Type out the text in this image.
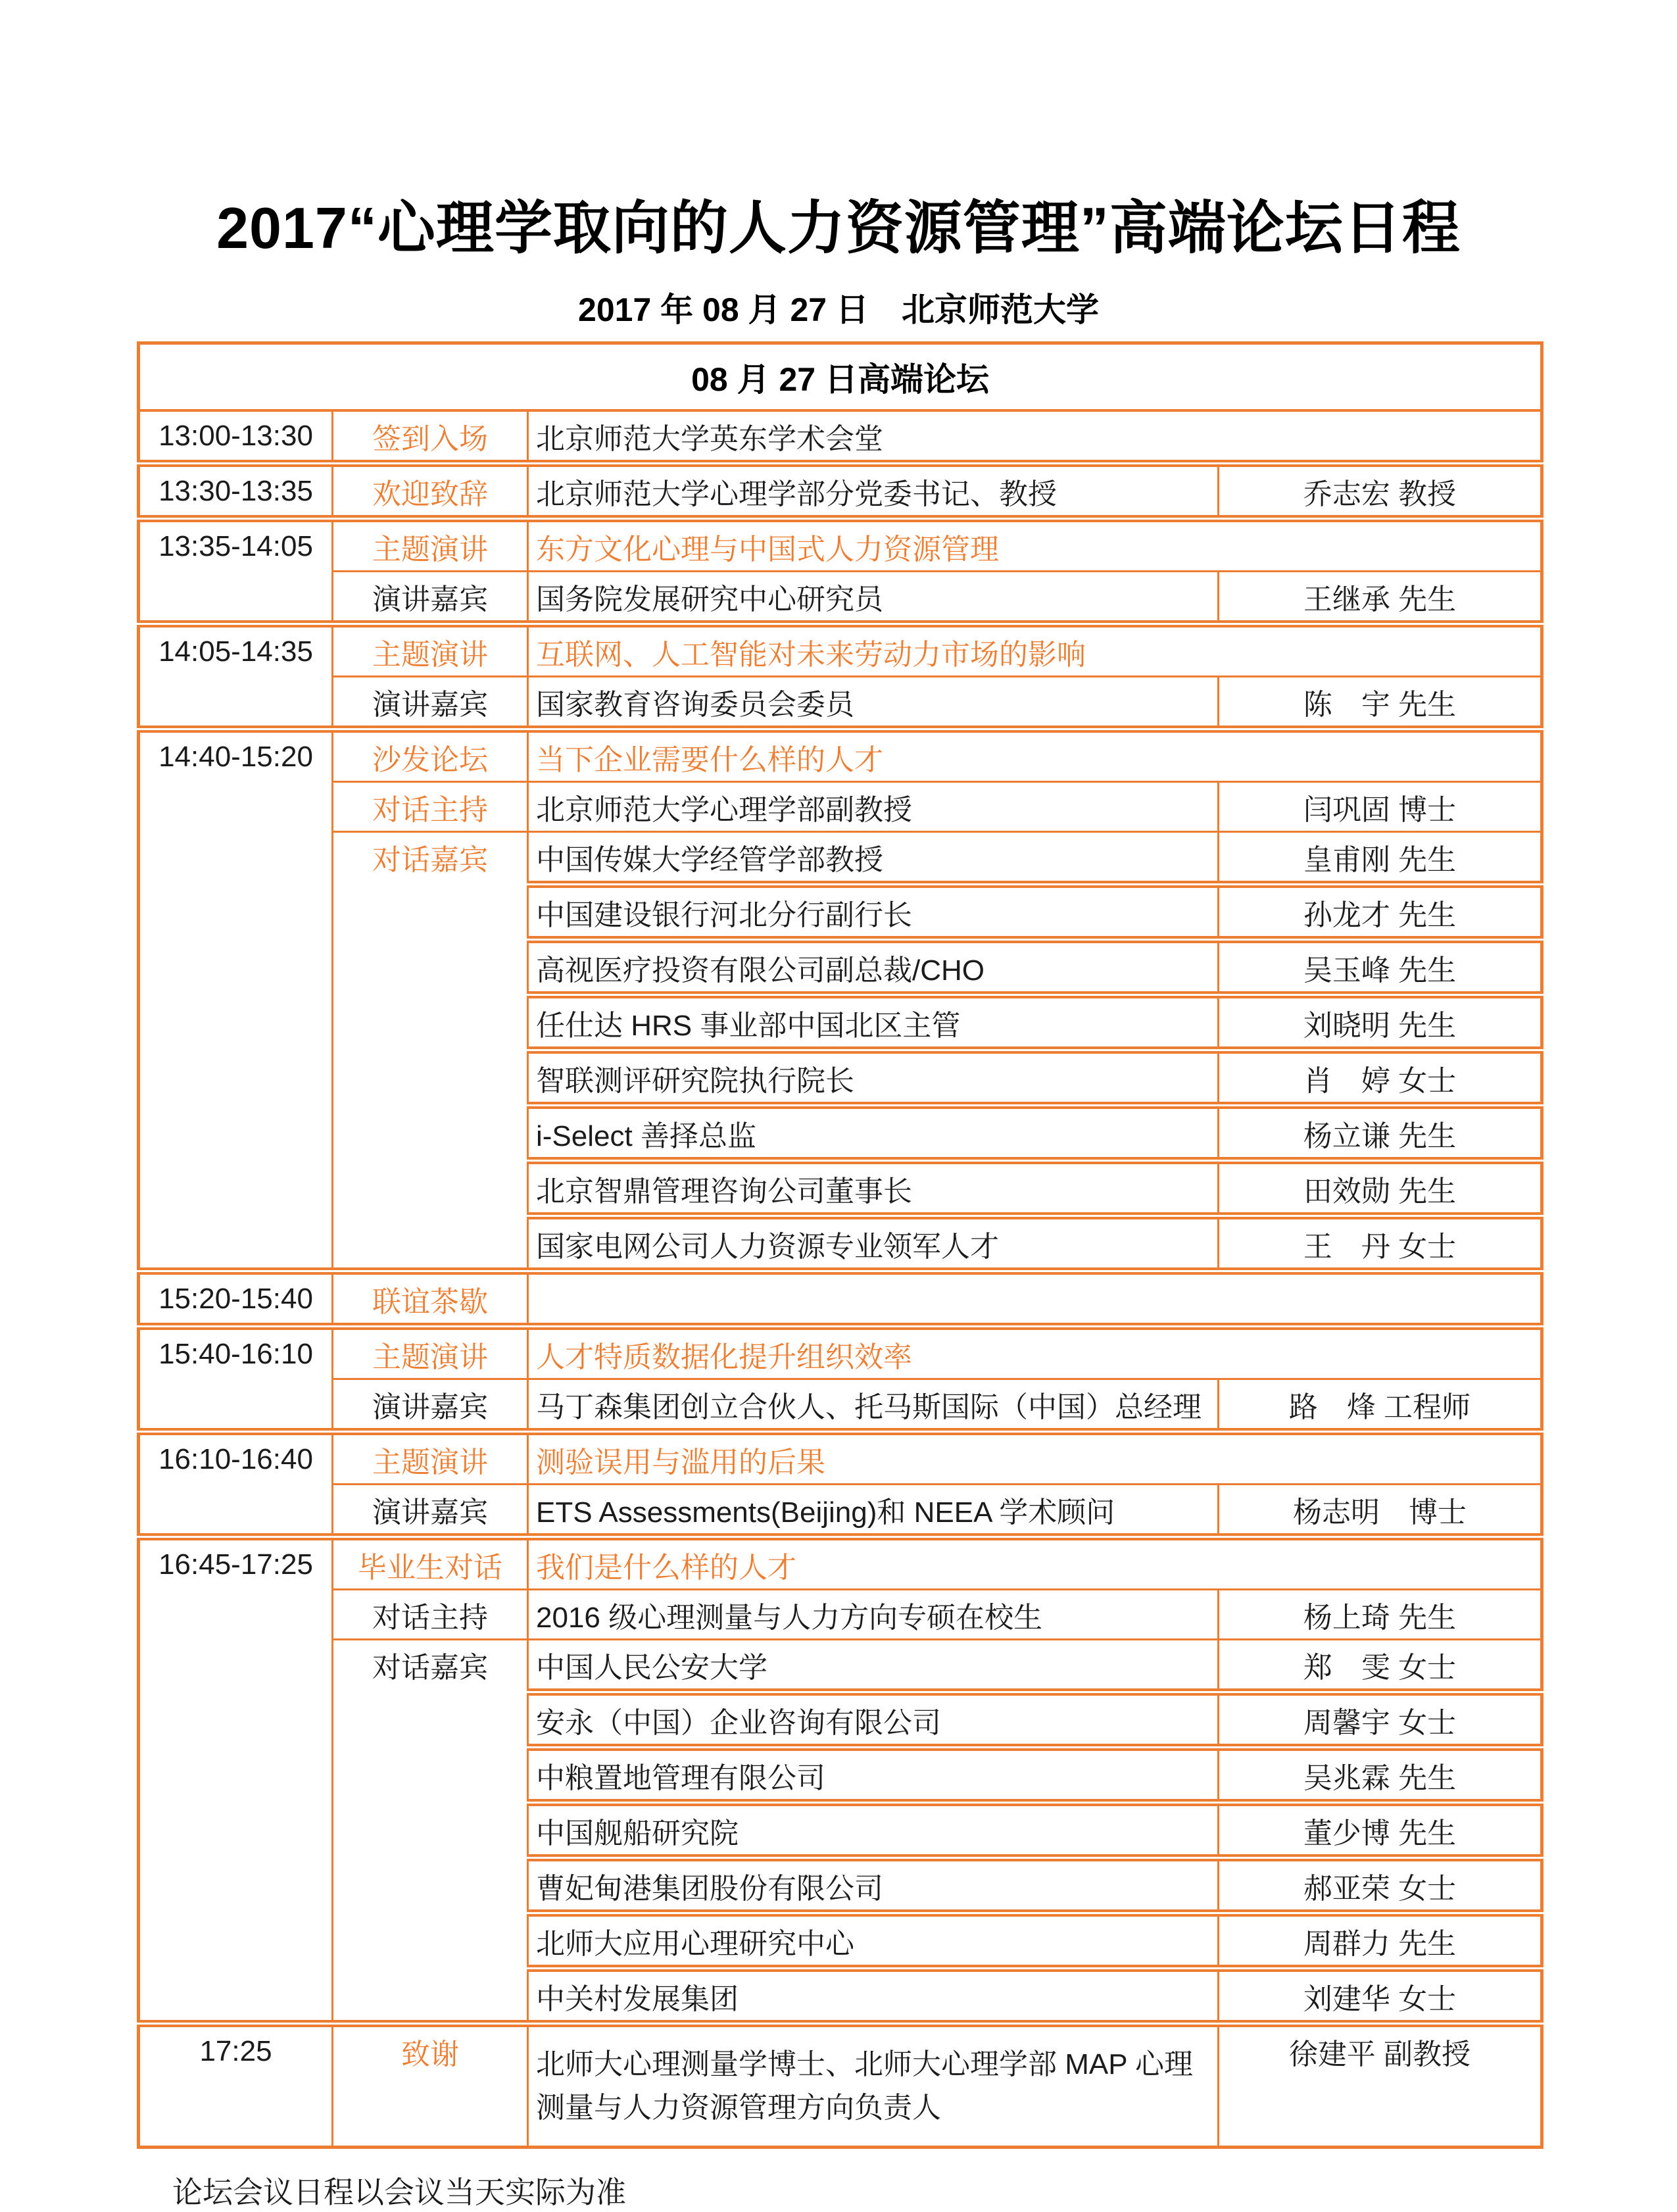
2017“心理学取向的人力资源管理”高端论坛日程
2017 年 08 月 27 日　北京师范大学
08 月 27 日高端论坛			

13:00-13:30	签到入场	北京师范大学英东学术会堂	

13:30-13:35	欢迎致辞	北京师范大学心理学部分党委书记、教授	乔志宏 教授

13:35-14:05	主题演讲	东方文化心理与中国式人力资源管理	

演讲嘉宾	国务院发展研究中心研究员	王继承 先生

14:05-14:35	主题演讲	互联网、人工智能对未来劳动力市场的影响	

演讲嘉宾	国家教育咨询委员会委员	陈　宇 先生

14:40-15:20	沙发论坛	当下企业需要什么样的人才	

对话主持	北京师范大学心理学部副教授	闫巩固 博士

对话嘉宾	中国传媒大学经管学部教授	皇甫刚 先生

中国建设银行河北分行副行长	孙龙才 先生

高视医疗投资有限公司副总裁/CHO	吴玉峰 先生

任仕达 HRS 事业部中国北区主管	刘晓明 先生

智联测评研究院执行院长	肖　婷 女士

i-Select 善择总监	杨立谦 先生

北京智鼎管理咨询公司董事长	田效勋 先生

国家电网公司人力资源专业领军人才	王　丹 女士

15:20-15:40	联谊茶歇		

15:40-16:10	主题演讲	人才特质数据化提升组织效率	

演讲嘉宾	马丁森集团创立合伙人、托马斯国际（中国）总经理	路　烽 工程师

16:10-16:40	主题演讲	测验误用与滥用的后果	

演讲嘉宾	ETS Assessments(Beijing)和 NEEA 学术顾问	杨志明　博士

16:45-17:25	毕业生对话	我们是什么样的人才	

对话主持	2016 级心理测量与人力方向专硕在校生	杨上琦 先生

对话嘉宾	中国人民公安大学	郑　雯 女士

安永（中国）企业咨询有限公司	周馨宇 女士

中粮置地管理有限公司	吴兆霖 先生

中国舰船研究院	董少博 先生

曹妃甸港集团股份有限公司	郝亚荣 女士

北师大应用心理研究中心	周群力 先生

中关村发展集团	刘建华 女士

17:25	致谢	北师大心理测量学博士、北师大心理学部 MAP 心理测量与人力资源管理方向负责人	徐建平 副教授
论坛会议日程以会议当天实际为准
